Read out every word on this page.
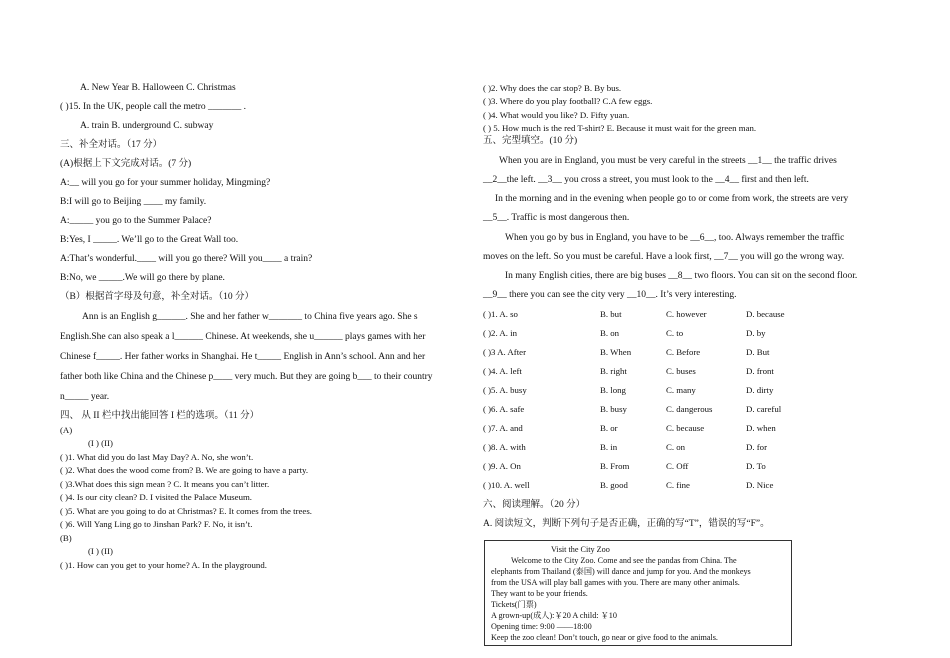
A. New Year B. Halloween C. Christmas
( )15. In the UK, people call the metro _______ .
A. train B. underground C. subway
三、补全对话。（17 分）
(A)根据上下文完成对话。(7 分)
A:__ will you go for your summer holiday, Mingming?
B:I will go to Beijing ____ my family.
A:_____ you go to the Summer Palace?
B:Yes, I _____. We’ll go to the Great Wall too.
A:That’s wonderful.____ will you go there? Will you____ a train?
B:No, we _____.We will go there by plane.
（B）根据首字母及句意，补全对话。（10 分）
Ann is an English g______. She and her father w_______ to China five years ago. She s
English.She can also speak a l______ Chinese. At weekends, she u______ plays games with her
Chinese f_____. Her father works in Shanghai. He t_____ English in Ann’s school. Ann and her
father both like China and the Chinese p____ very much. But they are going b___ to their country
n_____ year.
四、 从 II 栏中找出能回答 I 栏的选项。（11 分）
(A)
(I ) (II)
( )1. What did you do last May Day? A. No, she won’t.
( )2. What does the wood come from? B. We are going to have a party.
( )3.What does this sign mean ? C. It means you can’t litter.
( )4. Is our city clean? D. I visited the Palace Museum.
( )5. What are you going to do at Christmas? E. It comes from the trees.
( )6. Will Yang Ling go to Jinshan Park? F. No, it isn’t.
(B)
(I ) (II)
( )1. How can you get to your home? A. In the playground.
( )2. Why does the car stop? B. By bus.
( )3. Where do you play football? C.A few eggs.
( )4. What would you like? D. Fifty yuan.
( ) 5. How much is the red T-shirt? E. Because it must wait for the green man.
五、完型填空。(10 分)
When you are in England, you must be very careful in the streets __1__ the traffic drives
__2__the left. __3__ you cross a street, you must look to the __4__ first and then left.
In the morning and in the evening when people go to or come from work, the streets are very
__5__. Traffic is most dangerous then.
When you go by bus in England, you have to be __6__, too. Always remember the traffic
moves on the left. So you must be careful. Have a look first, __7__ you will go the wrong way.
In many English cities, there are big buses __8__ two floors. You can sit on the second floor.
__9__ there you can see the city very __10__. It’s very interesting.
( )1. A. so	B. but	C. however	D. because
( )2. A. in	B. on	C. to	D. by
( )3 A. After	B. When	C. Before	D. But
( )4. A. left	B. right	C. buses	D. front
( )5. A. busy	B. long	C. many	D. dirty
( )6. A. safe	B. busy	C. dangerous	D. careful
( )7. A. and	B. or	C. because	D. when
( )8. A. with	B. in	C. on	D. for
( )9. A. On	B. From	C. Off	D. To
( )10. A. well	B. good	C. fine	D. Nice
六、阅读理解。（20 分）
A. 阅读短文，判断下列句子是否正确，正确的写“T”，错误的写“F”。
Visit the City Zoo
Welcome to the City Zoo. Come and see the pandas from China. The
elephants from Thailand (泰国) will dance and jump for you. And the monkeys
from the USA will play ball games with you. There are many other animals.
They want to be your friends.
Tickets(门票)
A grown-up(成人):￥20 A child: ￥10
Opening time: 9:00 ——18:00
Keep the zoo clean! Don’t touch, go near or give food to the animals.
